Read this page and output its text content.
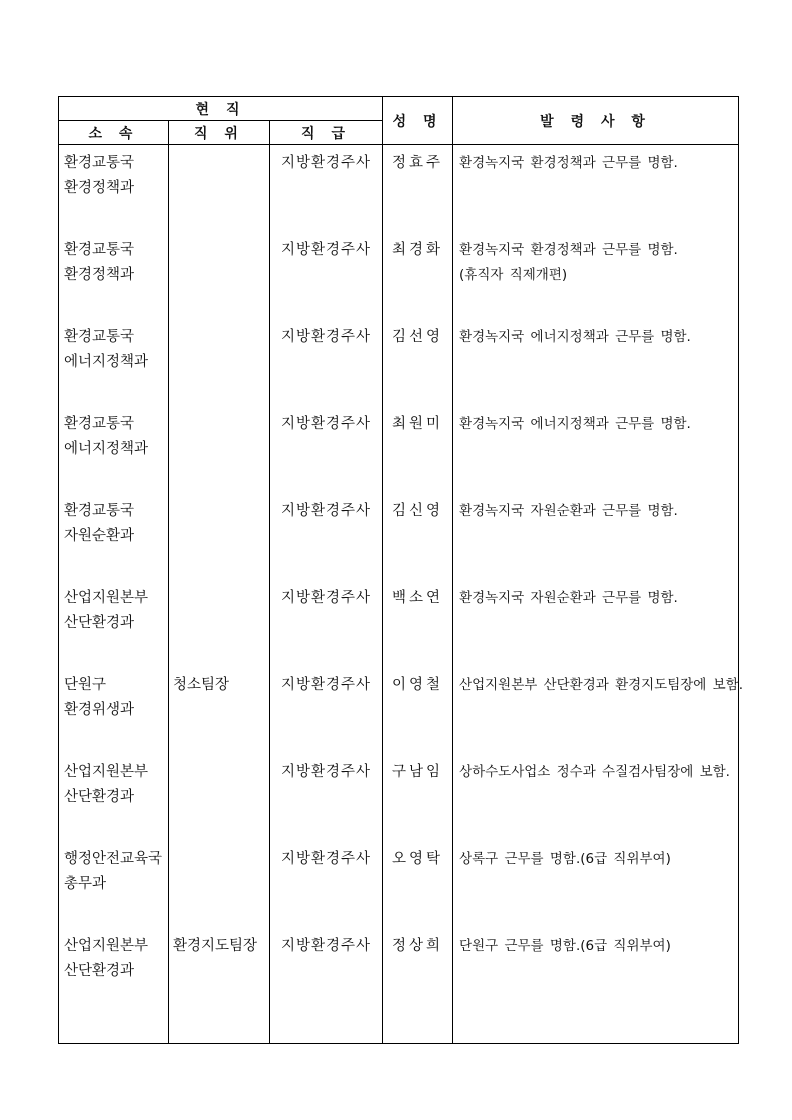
현 직			성 명	발 령 사 항
소 속	직 위	직 급		

환경교통국
환경정책과		지방환경주사	정효주	환경녹지국 환경정책과 근무를 명함.

환경교통국
환경정책과		지방환경주사	최경화	환경녹지국 환경정책과 근무를 명함.
(휴직자 직제개편)

환경교통국
에너지정책과		지방환경주사	김선영	환경녹지국 에너지정책과 근무를 명함.

환경교통국
에너지정책과		지방환경주사	최원미	환경녹지국 에너지정책과 근무를 명함.

환경교통국
자원순환과		지방환경주사	김신영	환경녹지국 자원순환과 근무를 명함.

산업지원본부
산단환경과		지방환경주사	백소연	환경녹지국 자원순환과 근무를 명함.

단원구
환경위생과	청소팀장	지방환경주사	이영철	산업지원본부 산단환경과 환경지도팀장에 보함.

산업지원본부
산단환경과		지방환경주사	구남임	상하수도사업소 정수과 수질검사팀장에 보함.

행정안전교육국
총무과		지방환경주사	오영탁	상록구 근무를 명함.(6급 직위부여)

산업지원본부
산단환경과	환경지도팀장	지방환경주사	정상희	단원구 근무를 명함.(6급 직위부여)
